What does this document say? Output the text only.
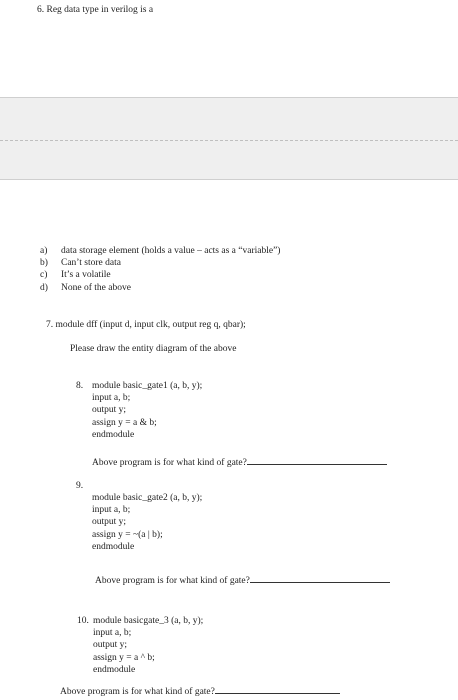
6. Reg data type in verilog is a
a)	data storage element (holds a value – acts as a “variable”)
b)	Can’t store data
c)	It’s a volatile
d)	None of the above
7. module dff (input d, input clk, output reg q, qbar);
Please draw the entity diagram of the above
8. module basic_gate1 (a, b, y);
input a, b;
output y;
assign y = a & b;
endmodule
Above program is for what kind of gate?
9.
module basic_gate2 (a, b, y);
input a, b;
output y;
assign y = ~(a | b);
endmodule
Above program is for what kind of gate?
10. module basicgate_3 (a, b, y);
input a, b;
output y;
assign y = a ^ b;
endmodule
Above program is for what kind of gate?
